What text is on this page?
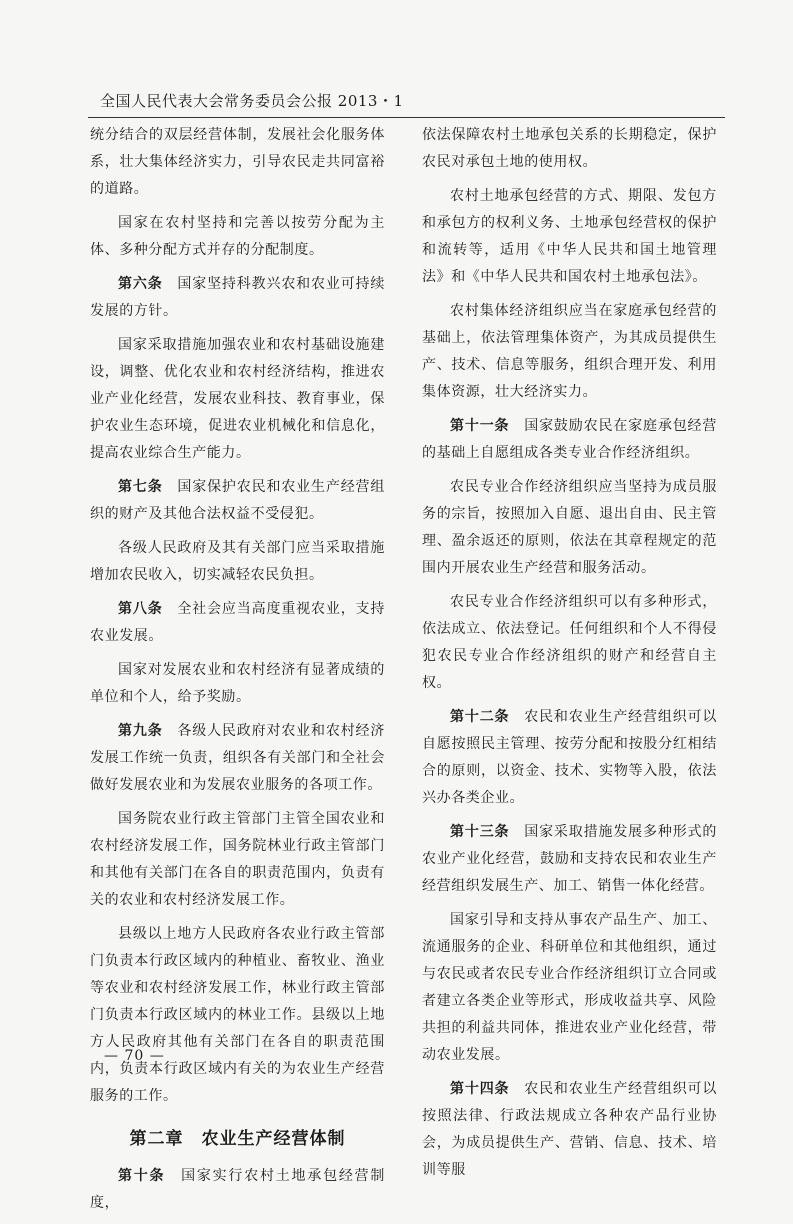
全国人民代表大会常务委员会公报 2013・1

统分结合的双层经营体制，发展社会化服务体系，壮大集体经济实力，引导农民走共同富裕的道路。

国家在农村坚持和完善以按劳分配为主体、多种分配方式并存的分配制度。

第六条　国家坚持科教兴农和农业可持续发展的方针。

国家采取措施加强农业和农村基础设施建设，调整、优化农业和农村经济结构，推进农业产业化经营，发展农业科技、教育事业，保护农业生态环境，促进农业机械化和信息化，提高农业综合生产能力。

第七条　国家保护农民和农业生产经营组织的财产及其他合法权益不受侵犯。

各级人民政府及其有关部门应当采取措施增加农民收入，切实减轻农民负担。

第八条　全社会应当高度重视农业，支持农业发展。

国家对发展农业和农村经济有显著成绩的单位和个人，给予奖励。

第九条　各级人民政府对农业和农村经济发展工作统一负责，组织各有关部门和全社会做好发展农业和为发展农业服务的各项工作。

国务院农业行政主管部门主管全国农业和农村经济发展工作，国务院林业行政主管部门和其他有关部门在各自的职责范围内，负责有关的农业和农村经济发展工作。

县级以上地方人民政府各农业行政主管部门负责本行政区域内的种植业、畜牧业、渔业等农业和农村经济发展工作，林业行政主管部门负责本行政区域内的林业工作。县级以上地方人民政府其他有关部门在各自的职责范围内，负责本行政区域内有关的为农业生产经营服务的工作。

第二章　农业生产经营体制

第十条　国家实行农村土地承包经营制度，

依法保障农村土地承包关系的长期稳定，保护农民对承包土地的使用权。

农村土地承包经营的方式、期限、发包方和承包方的权利义务、土地承包经营权的保护和流转等，适用《中华人民共和国土地管理法》和《中华人民共和国农村土地承包法》。

农村集体经济组织应当在家庭承包经营的基础上，依法管理集体资产，为其成员提供生产、技术、信息等服务，组织合理开发、利用集体资源，壮大经济实力。

第十一条　国家鼓励农民在家庭承包经营的基础上自愿组成各类专业合作经济组织。

农民专业合作经济组织应当坚持为成员服务的宗旨，按照加入自愿、退出自由、民主管理、盈余返还的原则，依法在其章程规定的范围内开展农业生产经营和服务活动。

农民专业合作经济组织可以有多种形式，依法成立、依法登记。任何组织和个人不得侵犯农民专业合作经济组织的财产和经营自主权。

第十二条　农民和农业生产经营组织可以自愿按照民主管理、按劳分配和按股分红相结合的原则，以资金、技术、实物等入股，依法兴办各类企业。

第十三条　国家采取措施发展多种形式的农业产业化经营，鼓励和支持农民和农业生产经营组织发展生产、加工、销售一体化经营。

国家引导和支持从事农产品生产、加工、流通服务的企业、科研单位和其他组织，通过与农民或者农民专业合作经济组织订立合同或者建立各类企业等形式，形成收益共享、风险共担的利益共同体，推进农业产业化经营，带动农业发展。

第十四条　农民和农业生产经营组织可以按照法律、行政法规成立各种农产品行业协会，为成员提供生产、营销、信息、技术、培训等服

— 70 —
